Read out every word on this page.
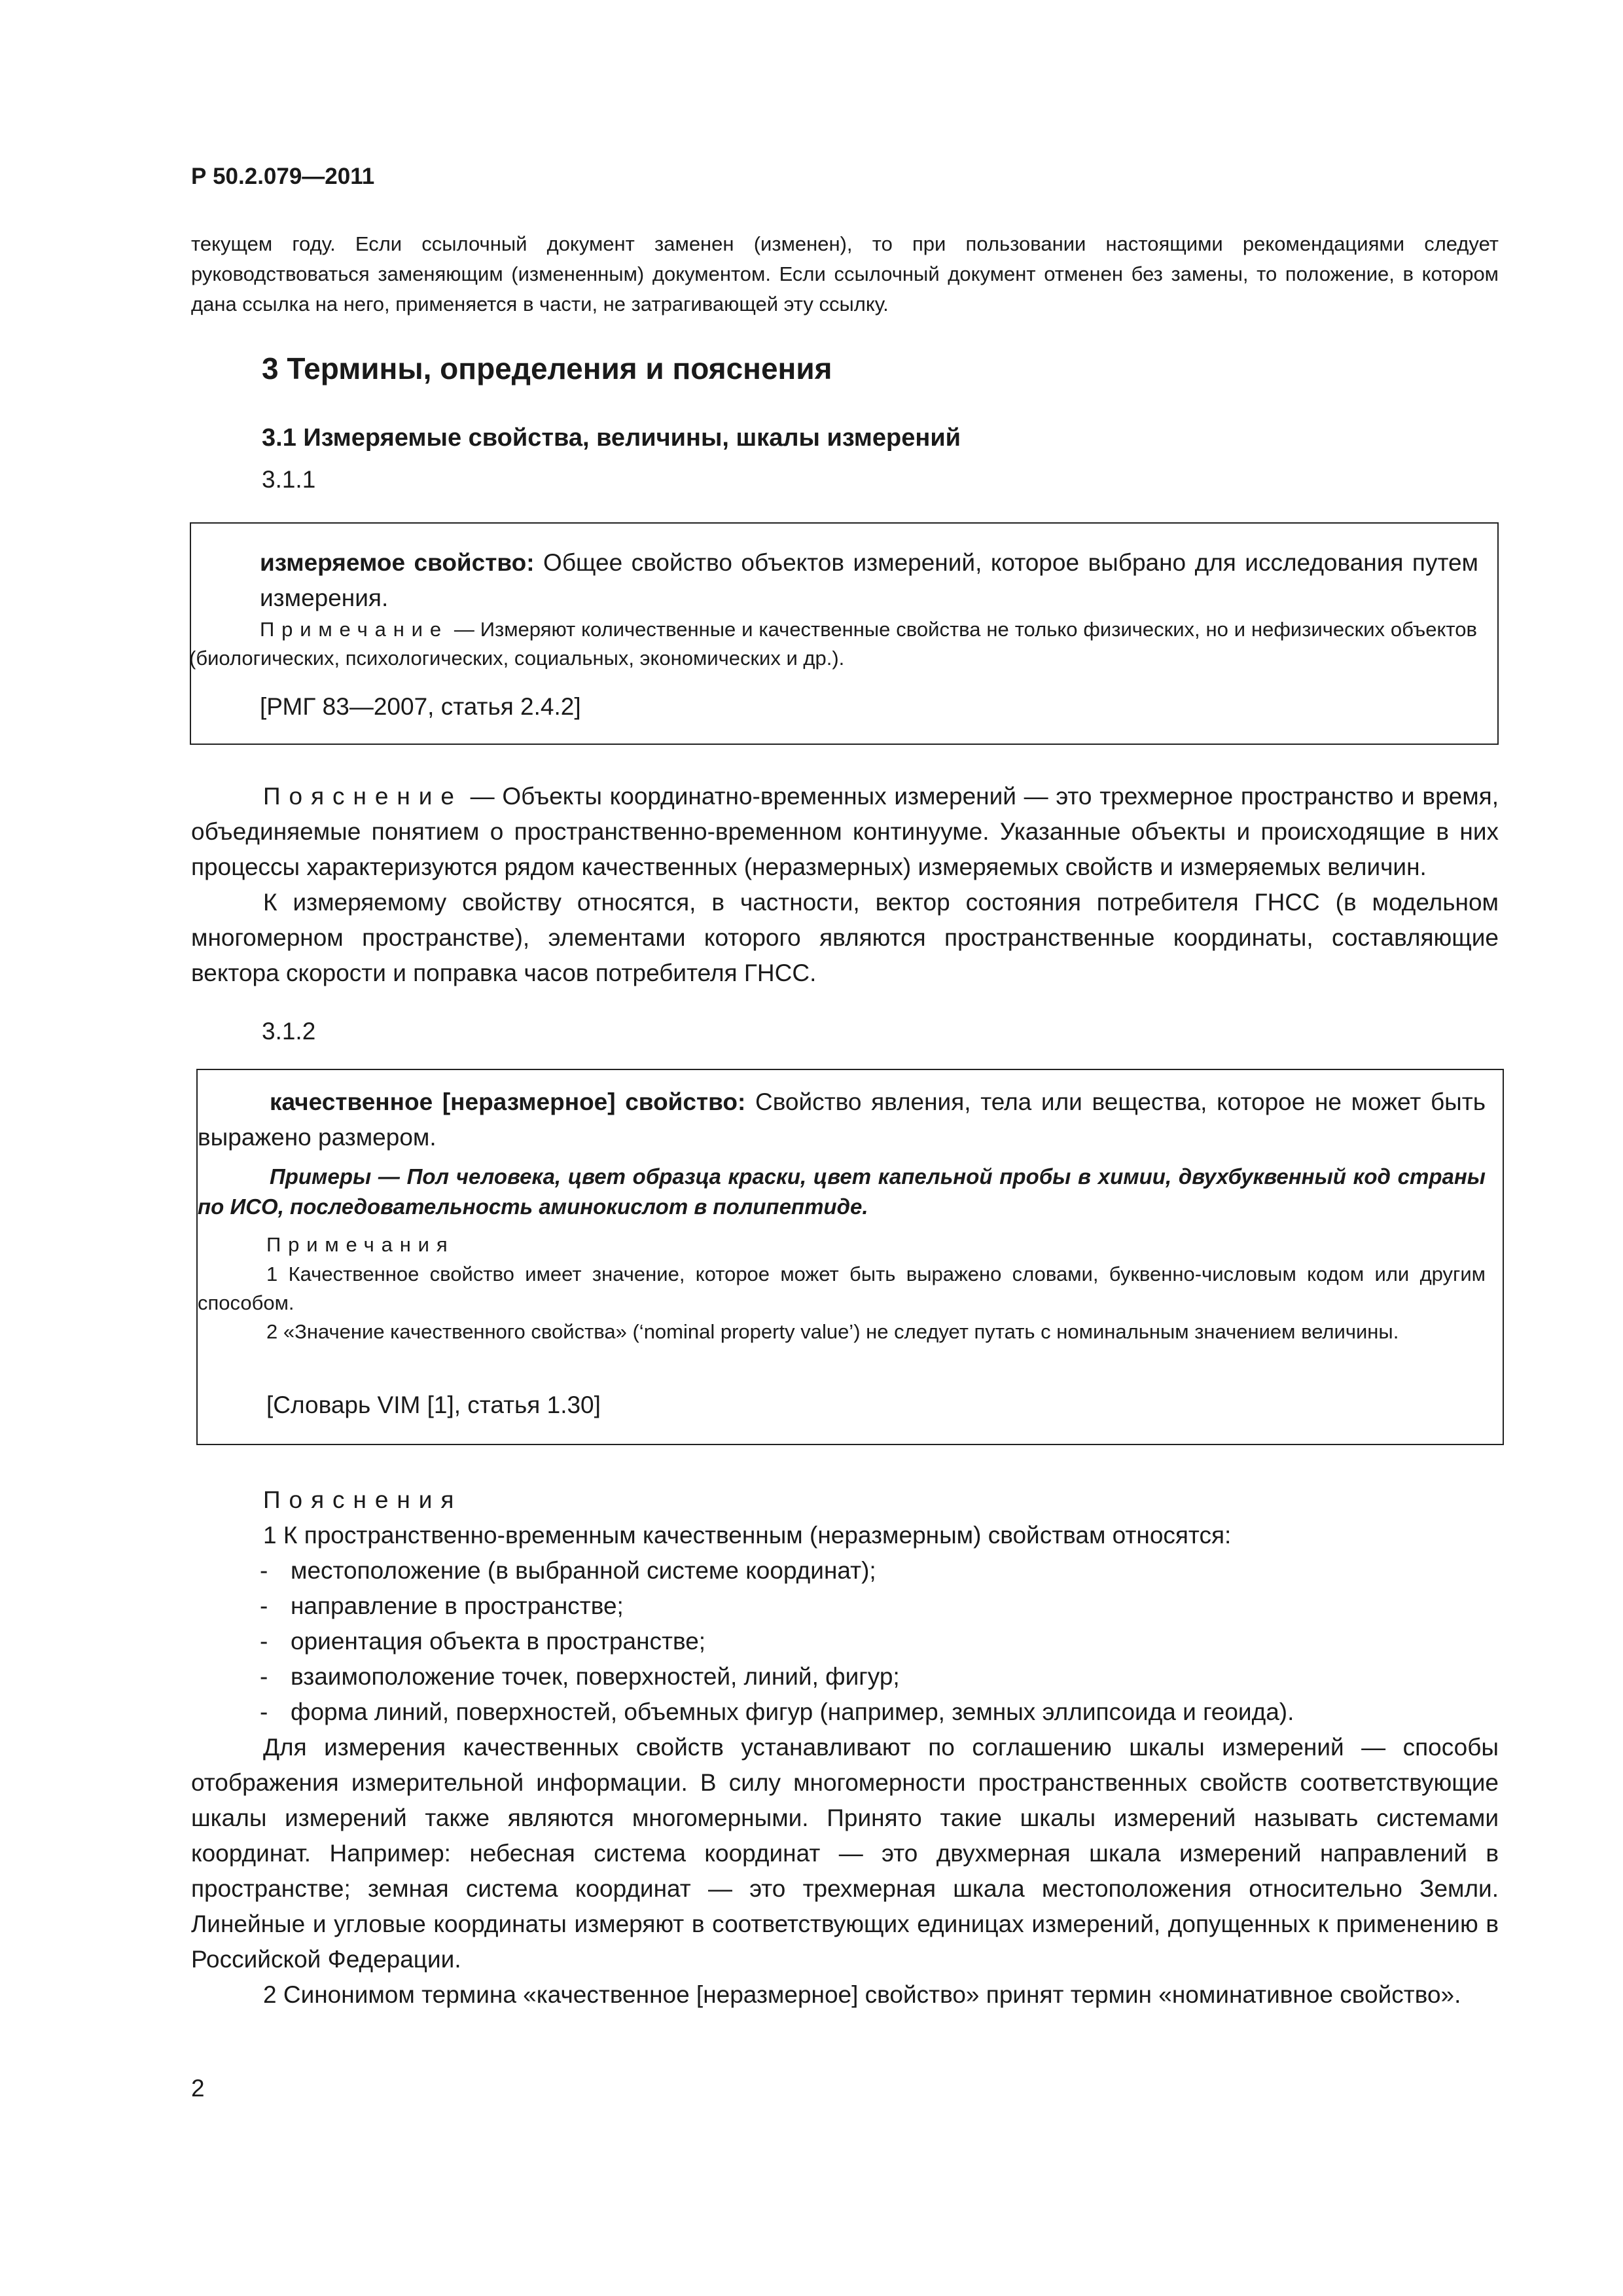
Р 50.2.079—2011

текущем году. Если ссылочный документ заменен (изменен), то при пользовании настоящими рекомендациями следует руководствоваться заменяющим (измененным) документом. Если ссылочный документ отменен без замены, то положение, в котором дана ссылка на него, применяется в части, не затрагивающей эту ссылку.

3 Термины, определения и пояснения
3.1 Измеряемые свойства, величины, шкалы измерений
3.1.1

измеряемое свойство: Общее свойство объектов измерений, которое выбрано для исследования путем измерения.

Примечание — Измеряют количественные и качественные свойства не только физических, но и нефизических объектов (биологических, психологических, социальных, экономических и др.).

[РМГ 83—2007, статья 2.4.2]

Пояснение — Объекты координатно-временных измерений — это трехмерное пространство и время, объединяемые понятием о пространственно-временном континууме. Указанные объекты и происходящие в них процессы характеризуются рядом качественных (неразмерных) измеряемых свойств и измеряемых величин.

К измеряемому свойству относятся, в частности, вектор состояния потребителя ГНСС (в модельном многомерном пространстве), элементами которого являются пространственные координаты, составляющие вектора скорости и поправка часов потребителя ГНСС.

3.1.2

качественное [неразмерное] свойство: Свойство явления, тела или вещества, которое не может быть выражено размером.

Примеры — Пол человека, цвет образца краски, цвет капельной пробы в химии, двухбуквенный код страны по ИСО, последовательность аминокислот в полипептиде.

Примечания

1 Качественное свойство имеет значение, которое может быть выражено словами, буквенно-числовым кодом или другим способом.

2 «Значение качественного свойства» (‘nominal property value’) не следует путать с номинальным значением величины.

[Словарь VIM [1], статья 1.30]
Пояснения

1 К пространственно-временным качественным (неразмерным) свойствам относятся:

- местоположение (в выбранной системе координат);
- направление в пространстве;
- ориентация объекта в пространстве;
- взаимоположение точек, поверхностей, линий, фигур;
- форма линий, поверхностей, объемных фигур (например, земных эллипсоида и геоида).

Для измерения качественных свойств устанавливают по соглашению шкалы измерений — способы отображения измерительной информации. В силу многомерности пространственных свойств соответствующие шкалы измерений также являются многомерными. Принято такие шкалы измерений называть системами координат. Например: небесная система координат — это двухмерная шкала измерений направлений в пространстве; земная система координат — это трехмерная шкала местоположения относительно Земли. Линейные и угловые координаты измеряют в соответствующих единицах измерений, допущенных к применению в Российской Федерации.

2 Синонимом термина «качественное [неразмерное] свойство» принят термин «номинативное свойство».

2
